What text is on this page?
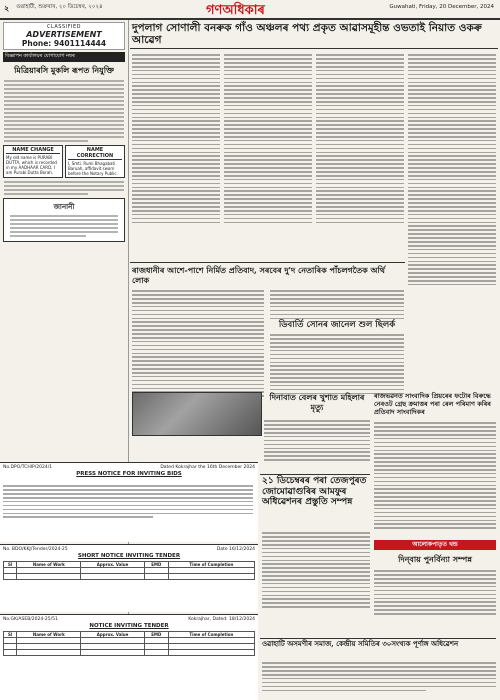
২ গুৱাহাটী, শুক্ৰবাৰ, ২০ ডিচেম্বৰ, ২০২৪	গণঅধিকাৰ	Guwahati, Friday, 20 December, 2024
CLASSIFIED
ADVERTISEMENT
Phone: 9401114444
বিজ্ঞাপন কাৰ্যালয়ৰ যোগাযোগ নম্বৰ
মিত্ৰিয়াৰসি মুকলি ৰূপত নিযুক্তি
NAME CHANGE
My old name is PURABI DUTTA, which is recorded in my AADHAAR CARD, I am Purabi Dutta Borah.
NAME CORRECTION
I, Smti. Rumi Bhagabati Baruah, affidavit sworn before the Notary Public.
জানানী
No.DPO/TCHIP/2024/1	Dated Kokrajhar the 16th December 2024
PRESS NOTICE FOR INVITING BIDS
No. BDO/KKJ/Tender/2024-25	Date 16/12/2024
SHORT NOTICE INVITING TENDER
Sl	Name of Work	Approx. Value	EMD	Time of Completion

No.GK/ASEB/2024-25/51	Kokrajhar, Dated: 18/12/2024
NOTICE INVITING TENDER
Sl	Name of Work	Approx. Value	EMD	Time of Completion

দুপলাগ সোণালী বনৰুক গাঁও অঞ্চলৰ পথ্য প্ৰকৃত আৱাসমূহীন্ত ওভতাই নিয়াত ওকৰু আৱেগ
ৰাজধানীৰ আশে-পাশে নিৰ্মিত প্ৰতিবাদ, সৰবেৰ দু'দ নেতাৰিক পাঁচলগতৈক অৰ্থি লোক
ডিবাৰ্তি সোনৰ জানেল শুল ছিলৰ্ক
দিনাবাত বেলৰ খুশাত মহিলাৰ মৃত্যু
ৰাজভৱনত সাংবাদিক প্ৰিয়ৰেৰ ফটোৰ বিৰুদ্ধে নেৰওট গ্ৰেছ ক্ৰমাত্তৰ পৰা ৰেল পৰিমাণ কৰিৰ প্ৰতিবাদ সাংবাদিকৰ
২১ ডিচেম্বৰৰ পৰা তেজপুৰত জোমোৱাগুৰিৰ আমফুৰ অধিৱেশনৰ প্ৰস্তুতি সম্পন্ন
ওৱাহাটি অসমণীৰ সমাজ, কেন্দ্ৰীয় সমিতিৰ ৩০সংখ্যক পূৰ্ণাঙ্গ অধিৱেশন
আলোকপাতৃত খন্ড
দিন্‌বায় পুনৰ্বিন্যা সম্পন্ন
